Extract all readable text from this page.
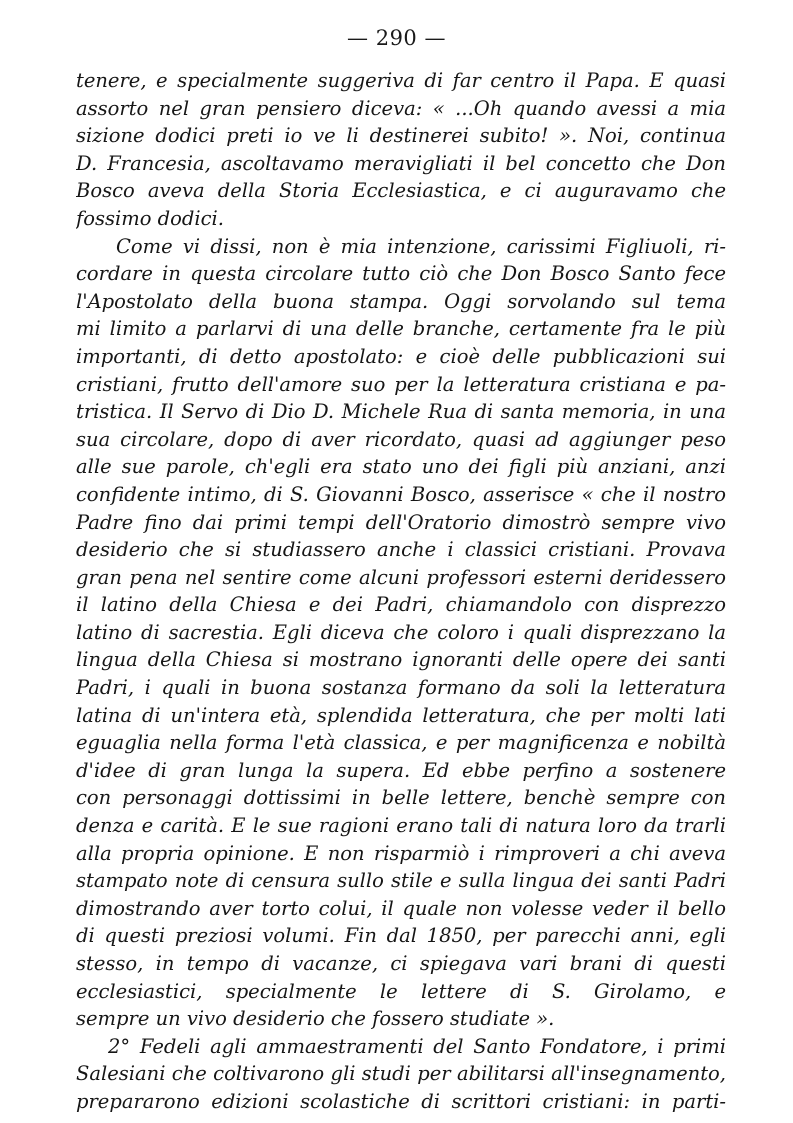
— 290 —
tenere, e specialmente suggeriva di far centro il Papa. E quasi
assorto nel gran pensiero diceva: « ...Oh quando avessi a mia
sizione dodici preti io ve li destinerei subito! ». Noi, continua
D. Francesia, ascoltavamo meravigliati il bel concetto che Don
Bosco aveva della Storia Ecclesiastica, e ci auguravamo che
fossimo dodici.
Come vi dissi, non è mia intenzione, carissimi Figliuoli, ri-
cordare in questa circolare tutto ciò che Don Bosco Santo fece
l'Apostolato della buona stampa. Oggi sorvolando sul tema
mi limito a parlarvi di una delle branche, certamente fra le più
importanti, di detto apostolato: e cioè delle pubblicazioni sui
cristiani, frutto dell'amore suo per la letteratura cristiana e pa-
tristica. Il Servo di Dio D. Michele Rua di santa memoria, in una
sua circolare, dopo di aver ricordato, quasi ad aggiunger peso
alle sue parole, ch'egli era stato uno dei figli più anziani, anzi
confidente intimo, di S. Giovanni Bosco, asserisce « che il nostro
Padre fino dai primi tempi dell'Oratorio dimostrò sempre vivo
desiderio che si studiassero anche i classici cristiani. Provava
gran pena nel sentire come alcuni professori esterni deridessero
il latino della Chiesa e dei Padri, chiamandolo con disprezzo
latino di sacrestia. Egli diceva che coloro i quali disprezzano la
lingua della Chiesa si mostrano ignoranti delle opere dei santi
Padri, i quali in buona sostanza formano da soli la letteratura
latina di un'intera età, splendida letteratura, che per molti lati
eguaglia nella forma l'età classica, e per magnificenza e nobiltà
d'idee di gran lunga la supera. Ed ebbe perfino a sostenere
con personaggi dottissimi in belle lettere, benchè sempre con
denza e carità. E le sue ragioni erano tali di natura loro da trarli
alla propria opinione. E non risparmiò i rimproveri a chi aveva
stampato note di censura sullo stile e sulla lingua dei santi Padri
dimostrando aver torto colui, il quale non volesse veder il bello
di questi preziosi volumi. Fin dal 1850, per parecchi anni, egli
stesso, in tempo di vacanze, ci spiegava vari brani di questi
ecclesiastici, specialmente le lettere di S. Girolamo, e
sempre un vivo desiderio che fossero studiate ».
2° Fedeli agli ammaestramenti del Santo Fondatore, i primi
Salesiani che coltivarono gli studi per abilitarsi all'insegnamento,
prepararono edizioni scolastiche di scrittori cristiani: in parti-
